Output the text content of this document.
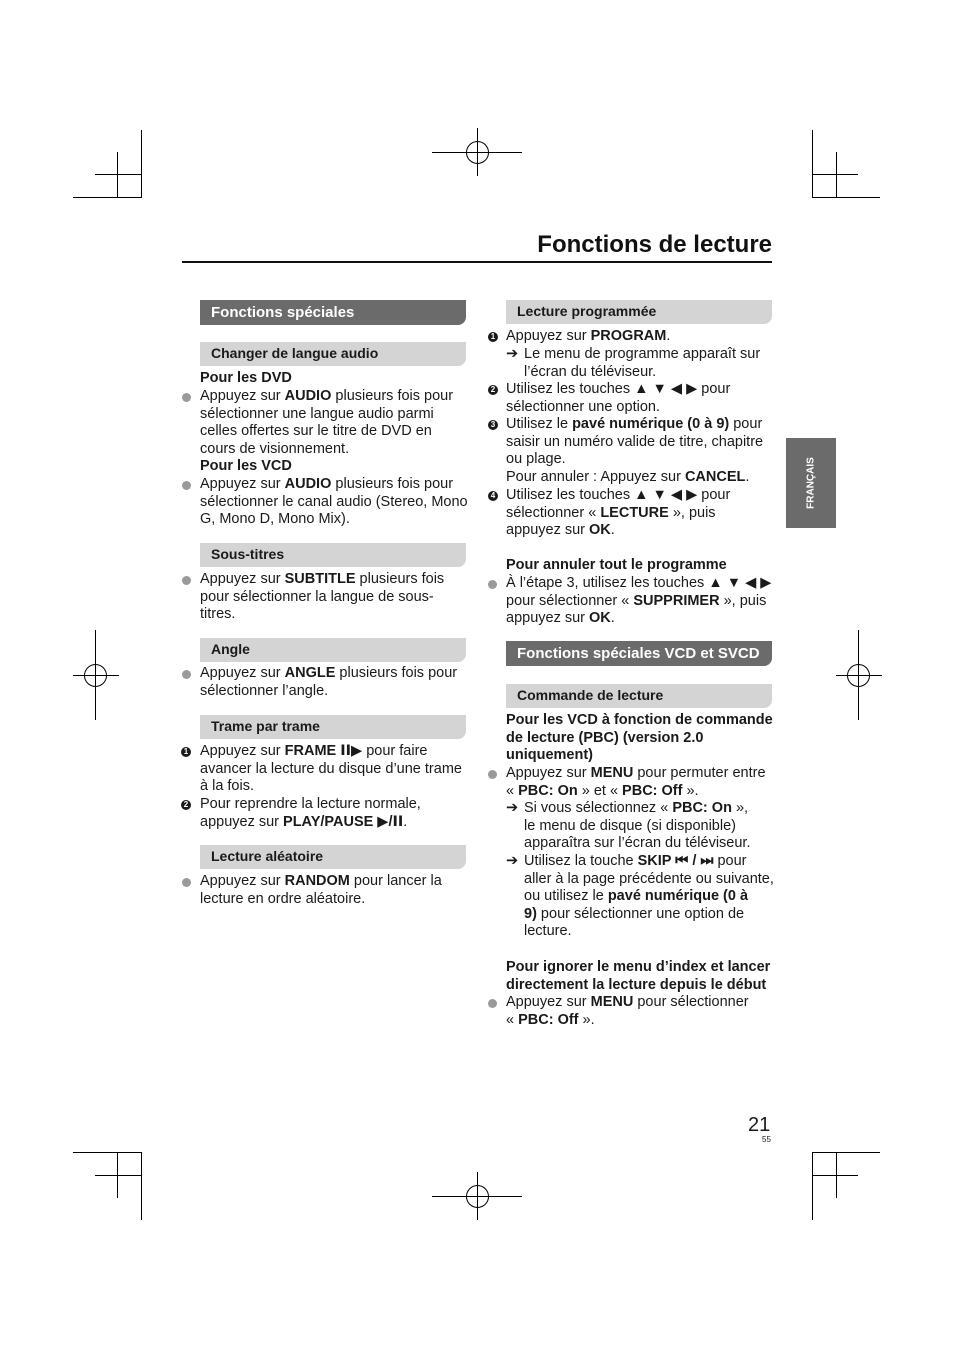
Fonctions de lecture
FRANÇAIS
Fonctions spéciales
Changer de langue audio
Pour les DVD
Appuyez sur AUDIO plusieurs fois pour
sélectionner une langue audio parmi
celles offertes sur le titre de DVD en
cours de visionnement.
Pour les VCD
Appuyez sur AUDIO plusieurs fois pour
sélectionner le canal audio (Stereo, Mono
G, Mono D, Mono Mix).
Sous-titres
Appuyez sur SUBTITLE plusieurs fois
pour sélectionner la langue de sous-
titres.
Angle
Appuyez sur ANGLE plusieurs fois pour
sélectionner l’angle.
Trame par trame
1 Appuyez sur FRAME ⅠⅠ▶ pour faire
avancer la lecture du disque d’une trame
à la fois.
2 Pour reprendre la lecture normale,
appuyez sur PLAY/PAUSE ▶/ⅠⅠ.
Lecture aléatoire
Appuyez sur RANDOM pour lancer la
lecture en ordre aléatoire.
Lecture programmée
1 Appuyez sur PROGRAM.
➔ Le menu de programme apparaît sur
l’écran du téléviseur.
2 Utilisez les touches ▲ ▼ ◀ ▶ pour
sélectionner une option.
3 Utilisez le pavé numérique (0 à 9) pour
saisir un numéro valide de titre, chapitre
ou plage.
Pour annuler : Appuyez sur CANCEL.
4 Utilisez les touches ▲ ▼ ◀ ▶ pour
sélectionner « LECTURE », puis
appuyez sur OK.
Pour annuler tout le programme
À l’étape 3, utilisez les touches ▲ ▼ ◀ ▶
pour sélectionner « SUPPRIMER », puis
appuyez sur OK.
Fonctions spéciales VCD et SVCD
Commande de lecture
Pour les VCD à fonction de commande
de lecture (PBC) (version 2.0
uniquement)
Appuyez sur MENU pour permuter entre
« PBC: On » et « PBC: Off ».
➔ Si vous sélectionnez « PBC: On »,
le menu de disque (si disponible)
apparaîtra sur l’écran du téléviseur.
➔ Utilisez la touche SKIP ⏮ / ⏭ pour
aller à la page précédente ou suivante,
ou utilisez le pavé numérique (0 à
9) pour sélectionner une option de
lecture.
Pour ignorer le menu d’index et lancer
directement la lecture depuis le début
Appuyez sur MENU pour sélectionner
« PBC: Off ».
21
55
